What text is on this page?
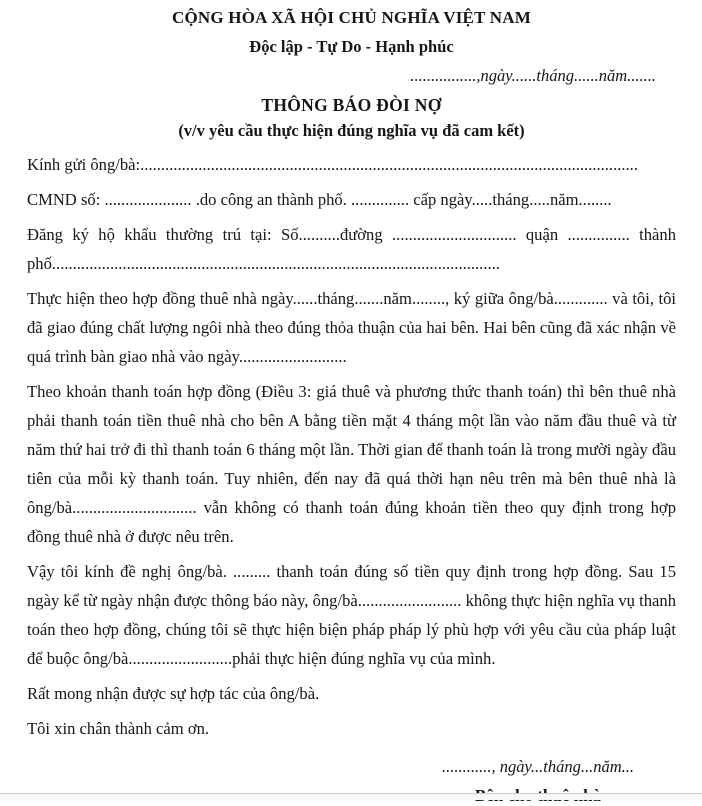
CỘNG HÒA XÃ HỘI CHỦ NGHĨA VIỆT NAM
Độc lập - Tự Do - Hạnh phúc
................,ngày......tháng......năm.......
THÔNG BÁO ĐÒI NỢ
(v/v yêu cầu thực hiện đúng nghĩa vụ đã cam kết)

Kính gửi ông/bà:........................................................................................................................

CMND số: ..................... .do công an thành phố. .............. cấp ngày.....tháng.....năm........

Đăng ký hộ khẩu thường trú tại: Số..........đường .............................. quận ............... thành phố............................................................................................................

Thực hiện theo hợp đồng thuê nhà ngày......tháng.......năm........, ký giữa ông/bà............. và tôi, tôi đã giao đúng chất lượng ngôi nhà theo đúng thỏa thuận của hai bên. Hai bên cũng đã xác nhận về quá trình bàn giao nhà vào ngày..........................

Theo khoản thanh toán hợp đồng (Điều 3: giá thuê và phương thức thanh toán) thì bên thuê nhà phải thanh toán tiền thuê nhà cho bên A bằng tiền mặt 4 tháng một lần vào năm đầu thuê và từ năm thứ hai trở đi thì thanh toán 6 tháng một lần. Thời gian để thanh toán là trong mười ngày đầu tiên của mỗi kỳ thanh toán. Tuy nhiên, đến nay đã quá thời hạn nêu trên mà bên thuê nhà là ông/bà.............................. vẫn không có thanh toán đúng khoản tiền theo quy định trong hợp đồng thuê nhà ở được nêu trên.

Vậy tôi kính đề nghị ông/bà. ......... thanh toán đúng số tiền quy định trong hợp đồng. Sau 15 ngày kể từ ngày nhận được thông báo này, ông/bà......................... không thực hiện nghĩa vụ thanh toán theo hợp đồng, chúng tôi sẽ thực hiện biện pháp pháp lý phù hợp với yêu cầu của pháp luật để buộc ông/bà.........................phải thực hiện đúng nghĩa vụ của mình.

Rất mong nhận được sự hợp tác của ông/bà.

Tôi xin chân thành cảm ơn.

............, ngày...tháng...năm...
